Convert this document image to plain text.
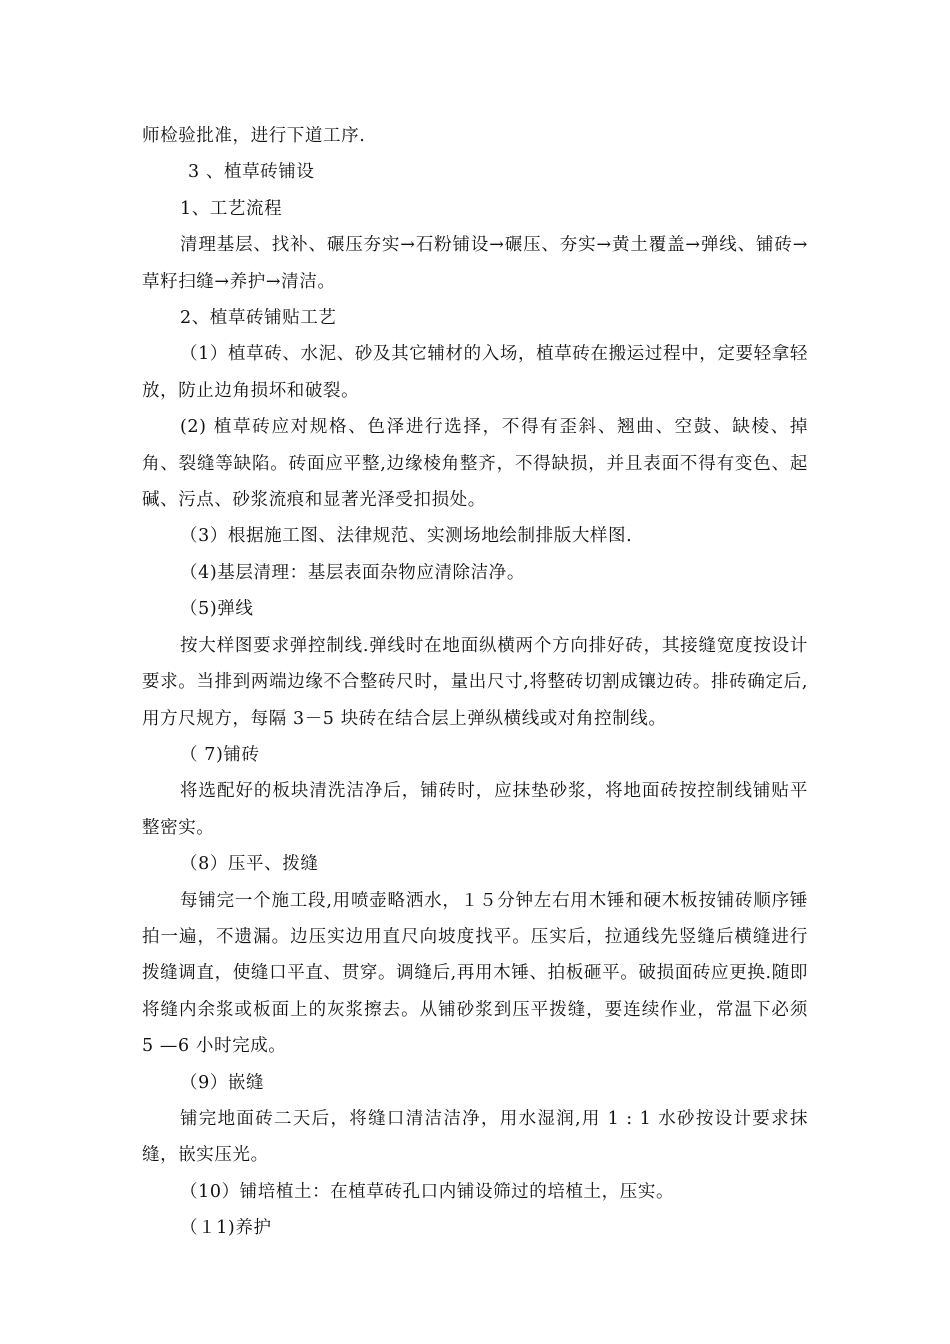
师检验批准，进行下道工序.

3 、植草砖铺设

1、工艺流程

清理基层、找补、碾压夯实→石粉铺设→碾压、夯实→黄土覆盖→弹线、铺砖→草籽扫缝→养护→清洁。

2、植草砖铺贴工艺

（1）植草砖、水泥、砂及其它辅材的入场，植草砖在搬运过程中，定要轻拿轻放，防止边角损坏和破裂。

(2) 植草砖应对规格、色泽进行选择，不得有歪斜、翘曲、空鼓、缺棱、掉角、裂缝等缺陷。砖面应平整,边缘棱角整齐，不得缺损，并且表面不得有变色、起碱、污点、砂浆流痕和显著光泽受扣损处。

（3）根据施工图、法律规范、实测场地绘制排版大样图.

（4)基层清理：基层表面杂物应清除洁净。

（5)弹线

按大样图要求弹控制线.弹线时在地面纵横两个方向排好砖，其接缝宽度按设计要求。当排到两端边缘不合整砖尺时，量出尺寸,将整砖切割成镶边砖。排砖确定后,用方尺规方，每隔 3－5 块砖在结合层上弹纵横线或对角控制线。

（ 7)铺砖

将选配好的板块清洗洁净后，铺砖时，应抹垫砂浆，将地面砖按控制线铺贴平整密实。

（8）压平、拨缝

每铺完一个施工段,用喷壶略洒水，１５分钟左右用木锤和硬木板按铺砖顺序锤拍一遍，不遗漏。边压实边用直尺向坡度找平。压实后，拉通线先竖缝后横缝进行拨缝调直，使缝口平直、贯穿。调缝后,再用木锤、拍板砸平。破损面砖应更换.随即将缝内余浆或板面上的灰浆擦去。从铺砂浆到压平拨缝，要连续作业，常温下必须 5 —6 小时完成。

（9）嵌缝

铺完地面砖二天后，将缝口清洁洁净，用水湿润,用 1 : 1 水砂按设计要求抹缝，嵌实压光。

（10）铺培植土：在植草砖孔口内铺设筛过的培植土，压实。

（１1)养护
